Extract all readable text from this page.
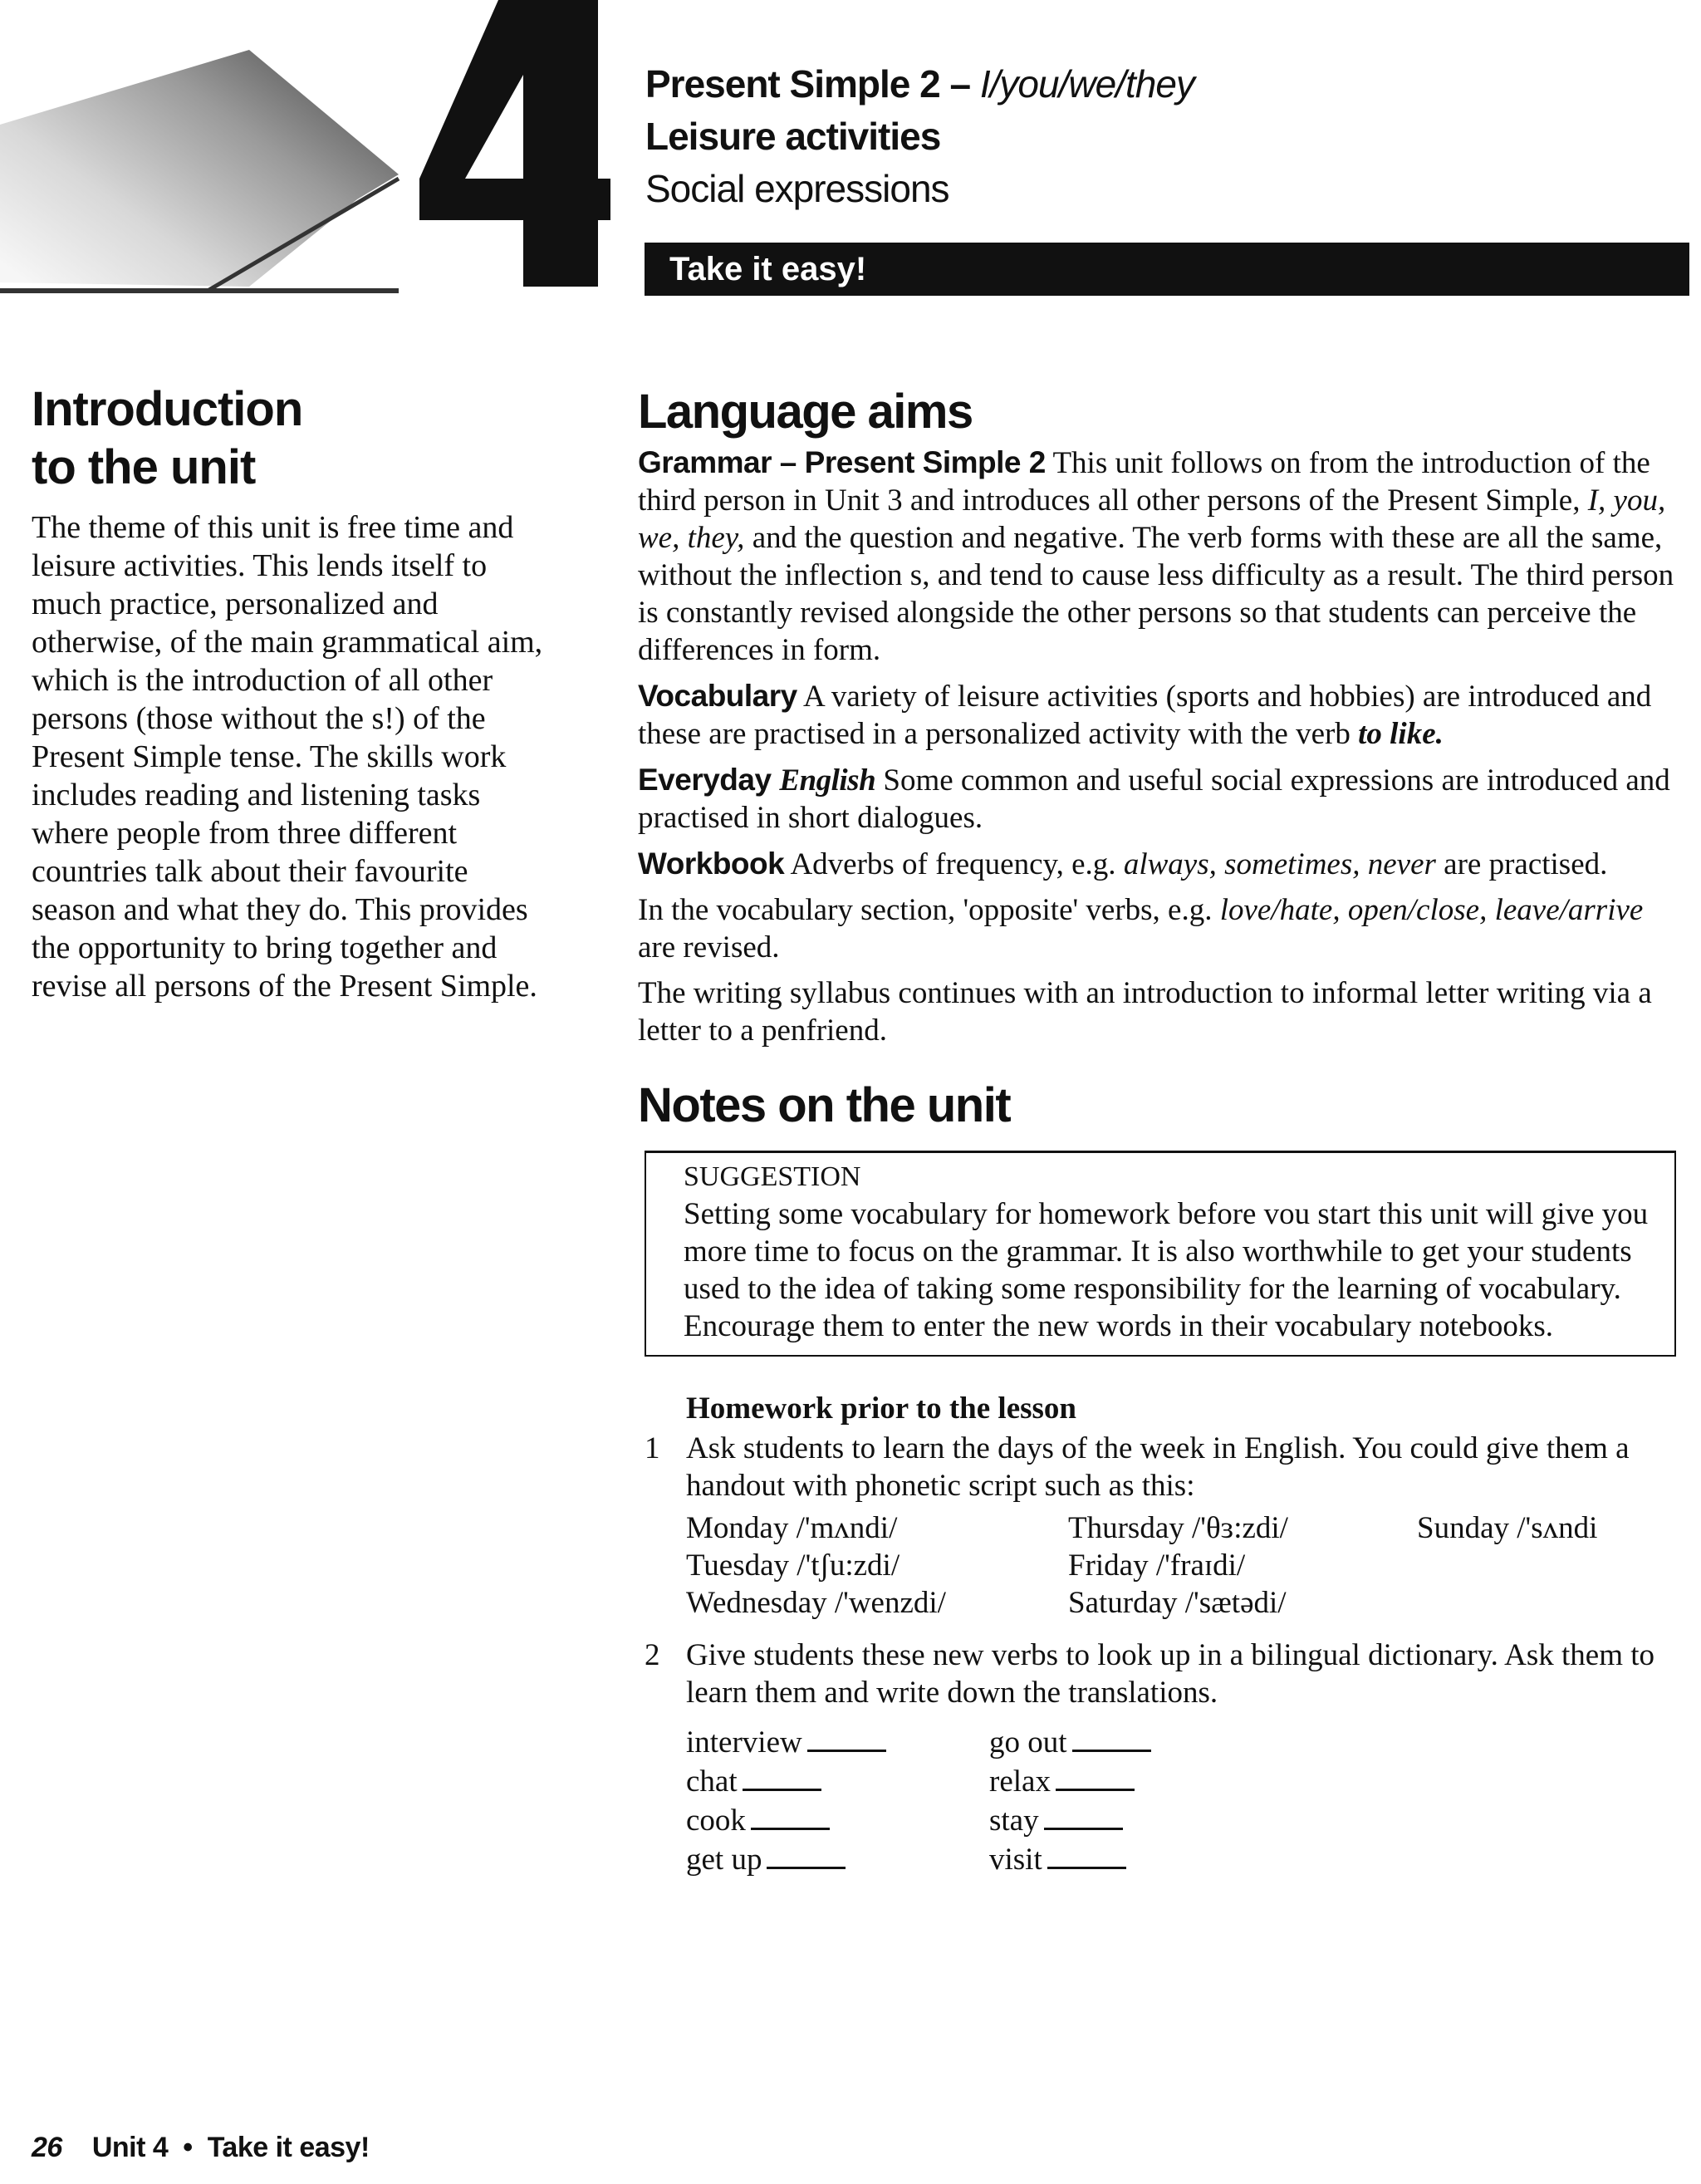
Present Simple 2 – I/you/we/they
Leisure activities
Social expressions
Take it easy!
Introduction
to the unit

The theme of this unit is free time and leisure activities. This lends itself to much practice, personalized and otherwise, of the main grammatical aim, which is the introduction of all other persons (those without the s!) of the Present Simple tense. The skills work includes reading and listening tasks where people from three different countries talk about their favourite season and what they do. This provides the opportunity to bring together and revise all persons of the Present Simple.

Language aims

Grammar – Present Simple 2 This unit follows on from the introduction of the third person in Unit 3 and introduces all other persons of the Present Simple, I, you, we, they, and the question and negative. The verb forms with these are all the same, without the inflection s, and tend to cause less difficulty as a result. The third person is constantly revised alongside the other persons so that students can perceive the differences in form.

Vocabulary A variety of leisure activities (sports and hobbies) are introduced and these are practised in a personalized activity with the verb to like.

Everyday English Some common and useful social expressions are introduced and practised in short dialogues.

Workbook Adverbs of frequency, e.g. always, sometimes, never are practised.

In the vocabulary section, 'opposite' verbs, e.g. love/hate, open/close, leave/arrive are revised.

The writing syllabus continues with an introduction to informal letter writing via a letter to a penfriend.

Notes on the unit
SUGGESTION
Setting some vocabulary for homework before vou start this unit will give you more time to focus on the grammar. It is also worthwhile to get your students used to the idea of taking some responsibility for the learning of vocabulary. Encourage them to enter the new words in their vocabulary notebooks.
Homework prior to the lesson
1 Ask students to learn the days of the week in English. You could give them a handout with phonetic script such as this:
Monday /'mʌndi/	Thursday /'θɜ:zdi/	Sunday /'sʌndi
Tuesday /'tʃu:zdi/	Friday /'fraɪdi/
Wednesday /'wenzdi/	Saturday /'sætədi/
2 Give students these new verbs to look up in a bilingual dictionary. Ask them to learn them and write down the translations.
interview	go out
chat	relax
cook	stay
get up	visit
26 Unit 4 • Take it easy!
